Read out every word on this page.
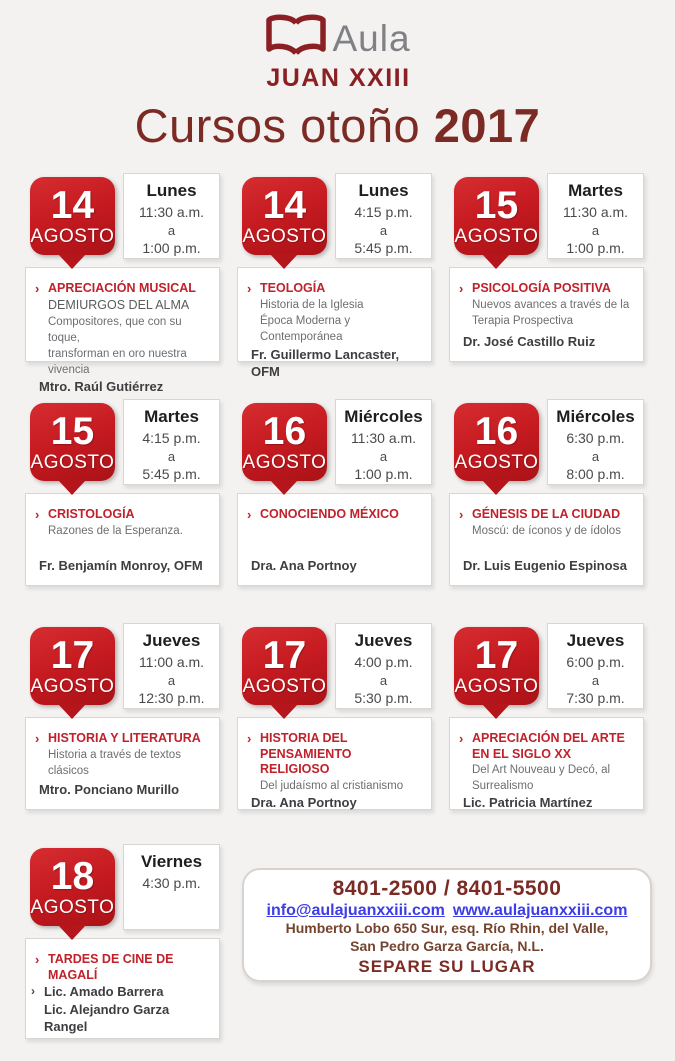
Aula
JUAN XXIII
Cursos otoño 2017
Lunes
11:30 a.m.
a
1:00 p.m.
14
AGOSTO
› APRECIACIÓN MUSICAL
DEMIURGOS DEL ALMA
Compositores, que con su toque,
transforman en oro nuestra vivencia
Mtro. Raúl Gutiérrez
Lunes
4:15 p.m.
a
5:45 p.m.
14
AGOSTO
› TEOLOGÍA
Historia de la Iglesia
Época Moderna y Contemporánea
Fr. Guillermo Lancaster, OFM
Martes
11:30 a.m.
a
1:00 p.m.
15
AGOSTO
› PSICOLOGÍA POSITIVA
Nuevos avances a través de la
Terapia Prospectiva
Dr. José Castillo Ruiz
Martes
4:15 p.m.
a
5:45 p.m.
15
AGOSTO
› CRISTOLOGÍA
Razones de la Esperanza.
Fr. Benjamín Monroy, OFM
Miércoles
11:30 a.m.
a
1:00 p.m.
16
AGOSTO
› CONOCIENDO MÉXICO
Dra. Ana Portnoy
Miércoles
6:30 p.m.
a
8:00 p.m.
16
AGOSTO
› GÉNESIS DE LA CIUDAD
Moscú: de íconos y de ídolos
Dr. Luis Eugenio Espinosa
Jueves
11:00 a.m.
a
12:30 p.m.
17
AGOSTO
› HISTORIA Y LITERATURA
Historia a través de textos
clásicos
Mtro. Ponciano Murillo
Jueves
4:00 p.m.
a
5:30 p.m.
17
AGOSTO
› HISTORIA DEL PENSAMIENTO RELIGIOSO
Del judaísmo al cristianismo
Dra. Ana Portnoy
Jueves
6:00 p.m.
a
7:30 p.m.
17
AGOSTO
› APRECIACIÓN DEL ARTE EN EL SIGLO XX
Del Art Nouveau y Decó, al
Surrealismo
Lic. Patricia Martínez
Viernes
4:30 p.m.
18
AGOSTO
› TARDES DE CINE DE MAGALÍ
› Lic. Amado Barrera
Lic. Alejandro Garza Rangel
8401-2500 / 8401-5500
info@aulajuanxxiii.com www.aulajuanxxiii.com
Humberto Lobo 650 Sur, esq. Río Rhin, del Valle,
San Pedro Garza García, N.L.
SEPARE SU LUGAR
